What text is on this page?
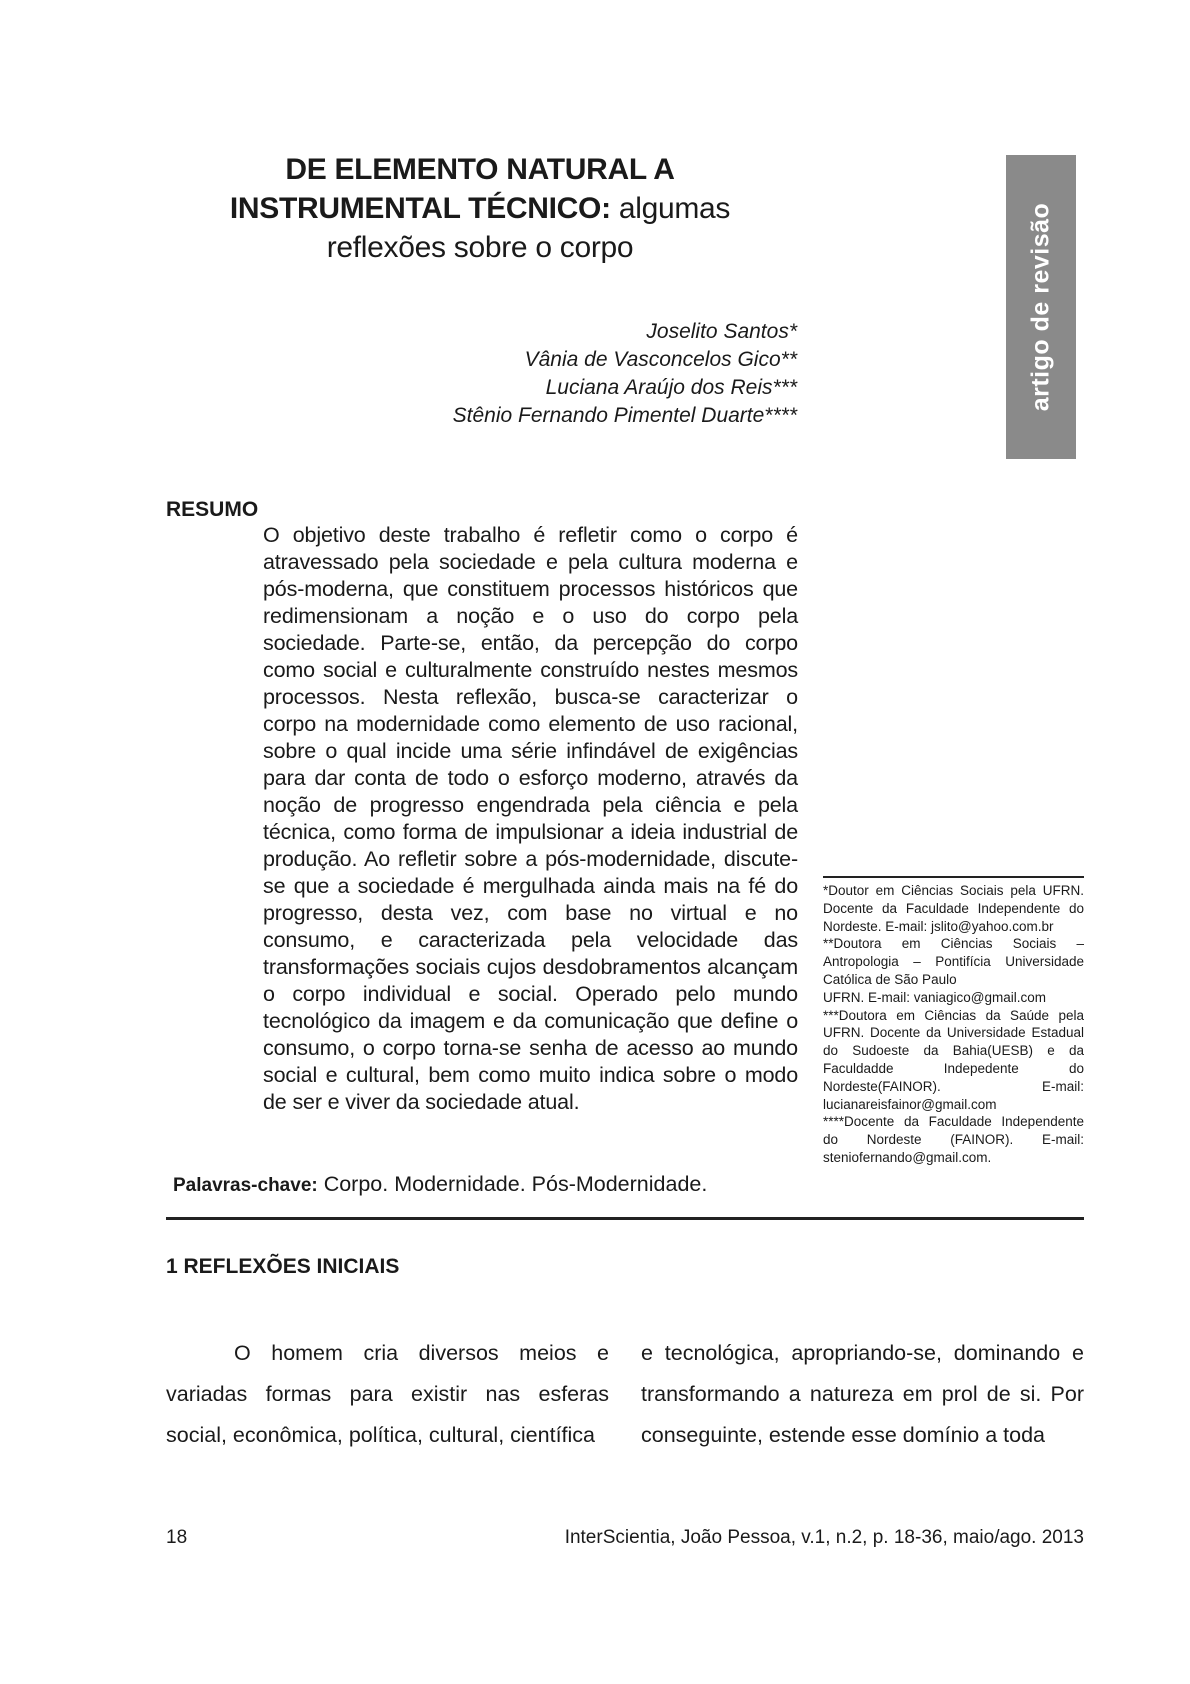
DE ELEMENTO NATURAL A
INSTRUMENTAL TÉCNICO: algumas
reflexões sobre o corpo	artigo de revisão
Joselito Santos*
Vânia de Vasconcelos Gico**
Luciana Araújo dos Reis***
Stênio Fernando Pimentel Duarte****
RESUMO
O objetivo deste trabalho é refletir como o corpo é atravessado pela sociedade e pela cultura moderna e pós-moderna, que constituem processos históricos que redimensionam a noção e o uso do corpo pela sociedade. Parte-se, então, da percepção do corpo como social e culturalmente construído nestes mesmos processos. Nesta reflexão, busca-se caracterizar o corpo na modernidade como elemento de uso racional, sobre o qual incide uma série infindável de exigências para dar conta de todo o esforço moderno, através da noção de progresso engendrada pela ciência e pela técnica, como forma de impulsionar a ideia industrial de produção. Ao refletir sobre a pós-modernidade, discute-se que a sociedade é mergulhada ainda mais na fé do progresso, desta vez, com base no virtual e no consumo, e caracterizada pela velocidade das transformações sociais cujos desdobramentos alcançam o corpo individual e social. Operado pelo mundo tecnológico da imagem e da comunicação que define o consumo, o corpo torna-se senha de acesso ao mundo social e cultural, bem como muito indica sobre o modo de ser e viver da sociedade atual.
Palavras-chave: Corpo. Modernidade. Pós-Modernidade.
*Doutor em Ciências Sociais pela UFRN. Docente da Faculdade Independente do Nordeste. E-mail: jslito@yahoo.com.br
**Doutora em Ciências Sociais – Antropologia – Pontifícia Universidade Católica de São Paulo
UFRN. E-mail: vaniagico@gmail.com
***Doutora em Ciências da Saúde pela UFRN. Docente da Universidade Estadual do Sudoeste da Bahia(UESB) e da Faculdadde Indepedente do Nordeste(FAINOR). E-mail: lucianareisfainor@gmail.com
****Docente da Faculdade Independente do Nordeste (FAINOR). E-mail: steniofernando@gmail.com.
1 REFLEXÕES INICIAIS
O homem cria diversos meios e variadas formas para existir nas esferas social, econômica, política, cultural, científica
e tecnológica, apropriando-se, dominando e transformando a natureza em prol de si. Por conseguinte, estende esse domínio a toda
18	InterScientia, João Pessoa, v.1, n.2, p. 18-36, maio/ago. 2013
